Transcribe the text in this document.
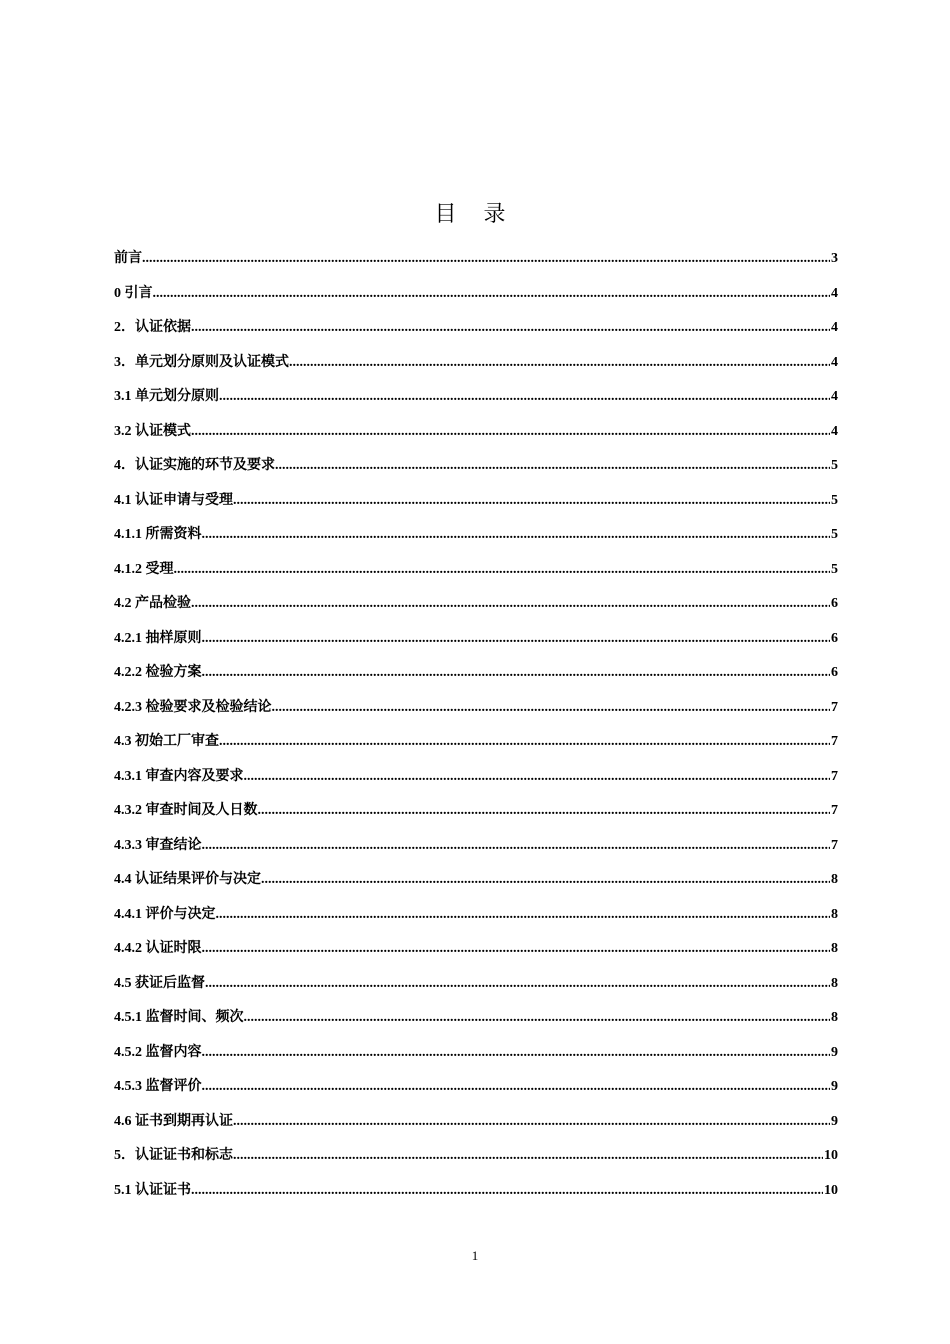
目 录
前言 .....	3
0 引言 .....	4
2．认证依据 .....	4
3．单元划分原则及认证模式 .....	4
3.1 单元划分原则 .....	4
3.2 认证模式 .....	4
4．认证实施的环节及要求 .....	5
4.1 认证申请与受理 .....	5
4.1.1 所需资料 .....	5
4.1.2 受理 .....	5
4.2 产品检验 .....	6
4.2.1 抽样原则 .....	6
4.2.2 检验方案 .....	6
4.2.3 检验要求及检验结论 .....	7
4.3 初始工厂审查 .....	7
4.3.1 审查内容及要求 .....	7
4.3.2 审查时间及人日数 .....	7
4.3.3 审查结论 .....	7
4.4 认证结果评价与决定 .....	8
4.4.1 评价与决定 .....	8
4.4.2 认证时限 .....	8
4.5 获证后监督 .....	8
4.5.1 监督时间、频次 .....	8
4.5.2 监督内容 .....	9
4.5.3 监督评价 .....	9
4.6 证书到期再认证 .....	9
5．认证证书和标志 .....	10
5.1 认证证书 .....	10
1
